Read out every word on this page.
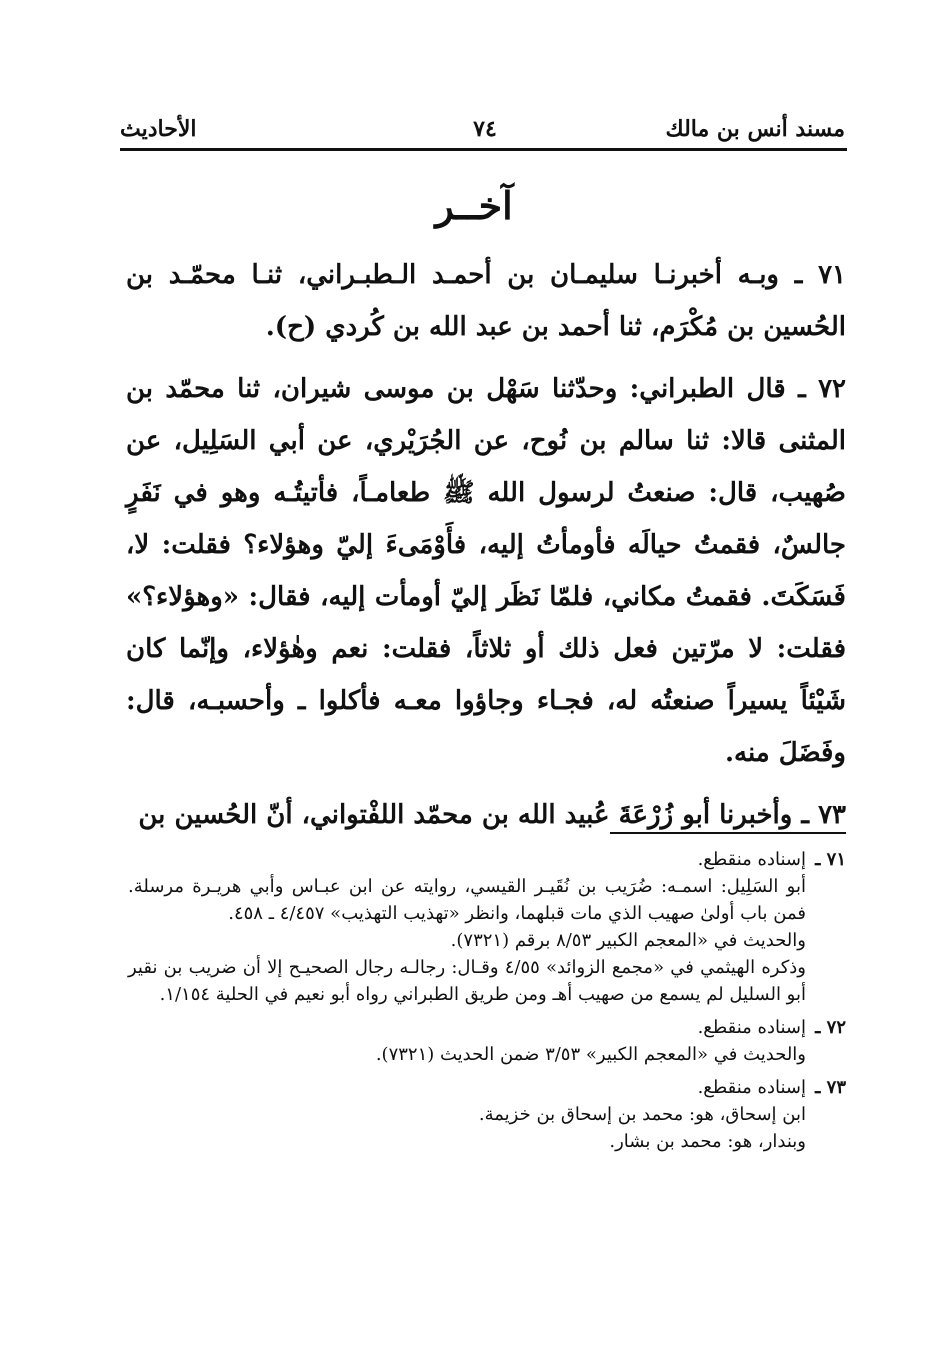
مسند أنس بن مالك
٧٤
الأحاديث
آخــر

٧١ ـ وبـه أخبرنـا سليمـان بن أحمـد الـطبـراني، ثنـا محمّـد بن الحُسين بن مُكْرَم، ثنا أحمد بن عبد الله بن كُردي (ح).

٧٢ ـ قال الطبراني: وحدّثنا سَهْل بن موسى شيران، ثنا محمّد بن المثنى قالا: ثنا سالم بن نُوح، عن الجُرَيْري، عن أبي السَلِيل، عن صُهيب، قال: صنعتُ لرسول الله ﷺ طعامـاً، فأتيتُـه وهو في نَفَرٍ جالسٌ، فقمتُ حيالَه فأومأتُ إليه، فأَوْمَىءَ إليّ وهؤلاء؟ فقلت: لا، فَسَكَتَ. فقمتُ مكاني، فلمّا نَظَر إليّ أومأت إليه، فقال: «وهؤلاء؟» فقلت: لا مرّتين فعل ذلك أو ثلاثاً، فقلت: نعم وهٰؤلاء، وإنّما كان شَيْئاً يسيراً صنعتُه له، فجـاء وجاؤوا معـه فأكلوا ـ وأحسبـه، قال: وفَضَلَ منه.

٧٣ ـ وأخبرنا أبو زُرْعَةَ عُبيد الله بن محمّد اللفْتواني، أنّ الحُسين بن

٧١ ـ
إسناده منقطع.
أبو السَلِيل: اسمـه: ضُرَيب بن نُقَيـر القيسي، روايته عن ابن عبـاس وأبي هريـرة مرسلة. فمن باب أولىٰ صهيب الذي مات قبلهما، وانظر «تهذيب التهذيب» ٤/٤٥٧ ـ ٤٥٨.
والحديث في «المعجم الكبير ٨/٥٣ برقم (٧٣٢١).
وذكره الهيثمي في «مجمع الزوائد» ٤/٥٥ وقـال: رجالـه رجال الصحيـح إلا أن ضريب بن نقير أبو السليل لم يسمع من صهيب أهـ ومن طريق الطبراني رواه أبو نعيم في الحلية ١/١٥٤.
٧٢ ـ
إسناده منقطع.
والحديث في «المعجم الكبير» ٣/٥٣ ضمن الحديث (٧٣٢١).
٧٣ ـ
إسناده منقطع.
ابن إسحاق، هو: محمد بن إسحاق بن خزيمة.
وبندار، هو: محمد بن بشار.
